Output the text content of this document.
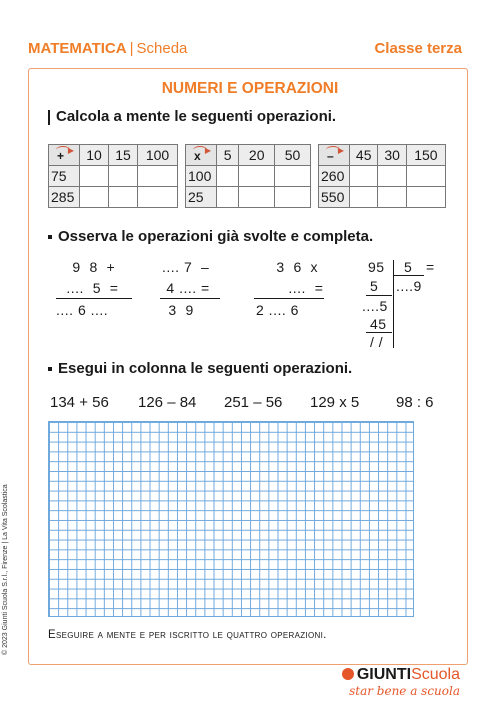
MATEMATICA | Scheda	Classe terza
NUMERI E OPERAZIONI
Calcola a mente le seguenti operazioni.
▶
+	10	15	100
75			
285			
▶
x	5	20	50
100			
25			
▶
–	45	30	150
260			
550			
Osserva le operazioni già svolte e completa.
9  8  +
....  5  =
.... 6 ....
.... 7  –
4 .... =
3  9
3  6  x
....  =
2 .... 6
95 5 =
5 ....9
....5
45
/ /
Esegui in colonna le seguenti operazioni.
134 + 56 126 – 84 251 – 56 129 x 5 98 : 6
Eseguire a mente e per iscritto le quattro operazioni.
© 2023 Giunti Scuola S.r.l., Firenze | La Vita Scolastica
GIUNTIScuola
star bene a scuola
